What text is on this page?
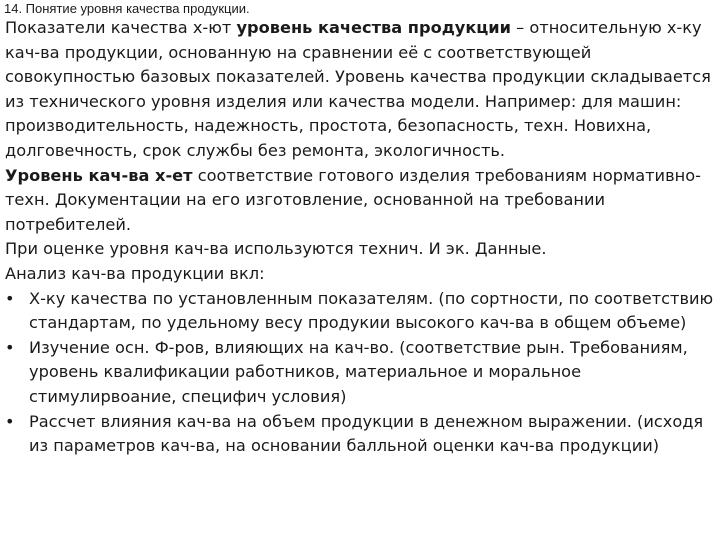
14. Понятие уровня качества продукции.

Показатели качества х-ют уровень качества продукции – относительную х-ку кач-ва продукции, основанную на сравнении её с соответствующей совокупностью базовых показателей. Уровень качества продукции складывается из технического уровня изделия или качества модели. Например: для машин: производительность, надежность, простота, безопасность, техн. Новихна, долговечность, срок службы без ремонта, экологичность.

Уровень кач-ва х-ет соответствие готового изделия требованиям нормативно-техн. Документации на его изготовление, основанной на требовании потребителей.

При оценке уровня кач-ва используются технич. И эк. Данные.

Анализ кач-ва продукции вкл:

• Х-ку качества по установленным показателям. (по сортности, по соответствию стандартам, по удельному весу продукии высокого кач-ва в общем объеме)
• Изучение осн. Ф-ров, влияющих на кач-во. (соответствие рын. Требованиям, уровень квалификации работников, материальное и моральное стимулирвоание, специфич условия)
• Рассчет влияния кач-ва на объем продукции в денежном выражении. (исходя из параметров кач-ва, на основании балльной оценки кач-ва продукции)
